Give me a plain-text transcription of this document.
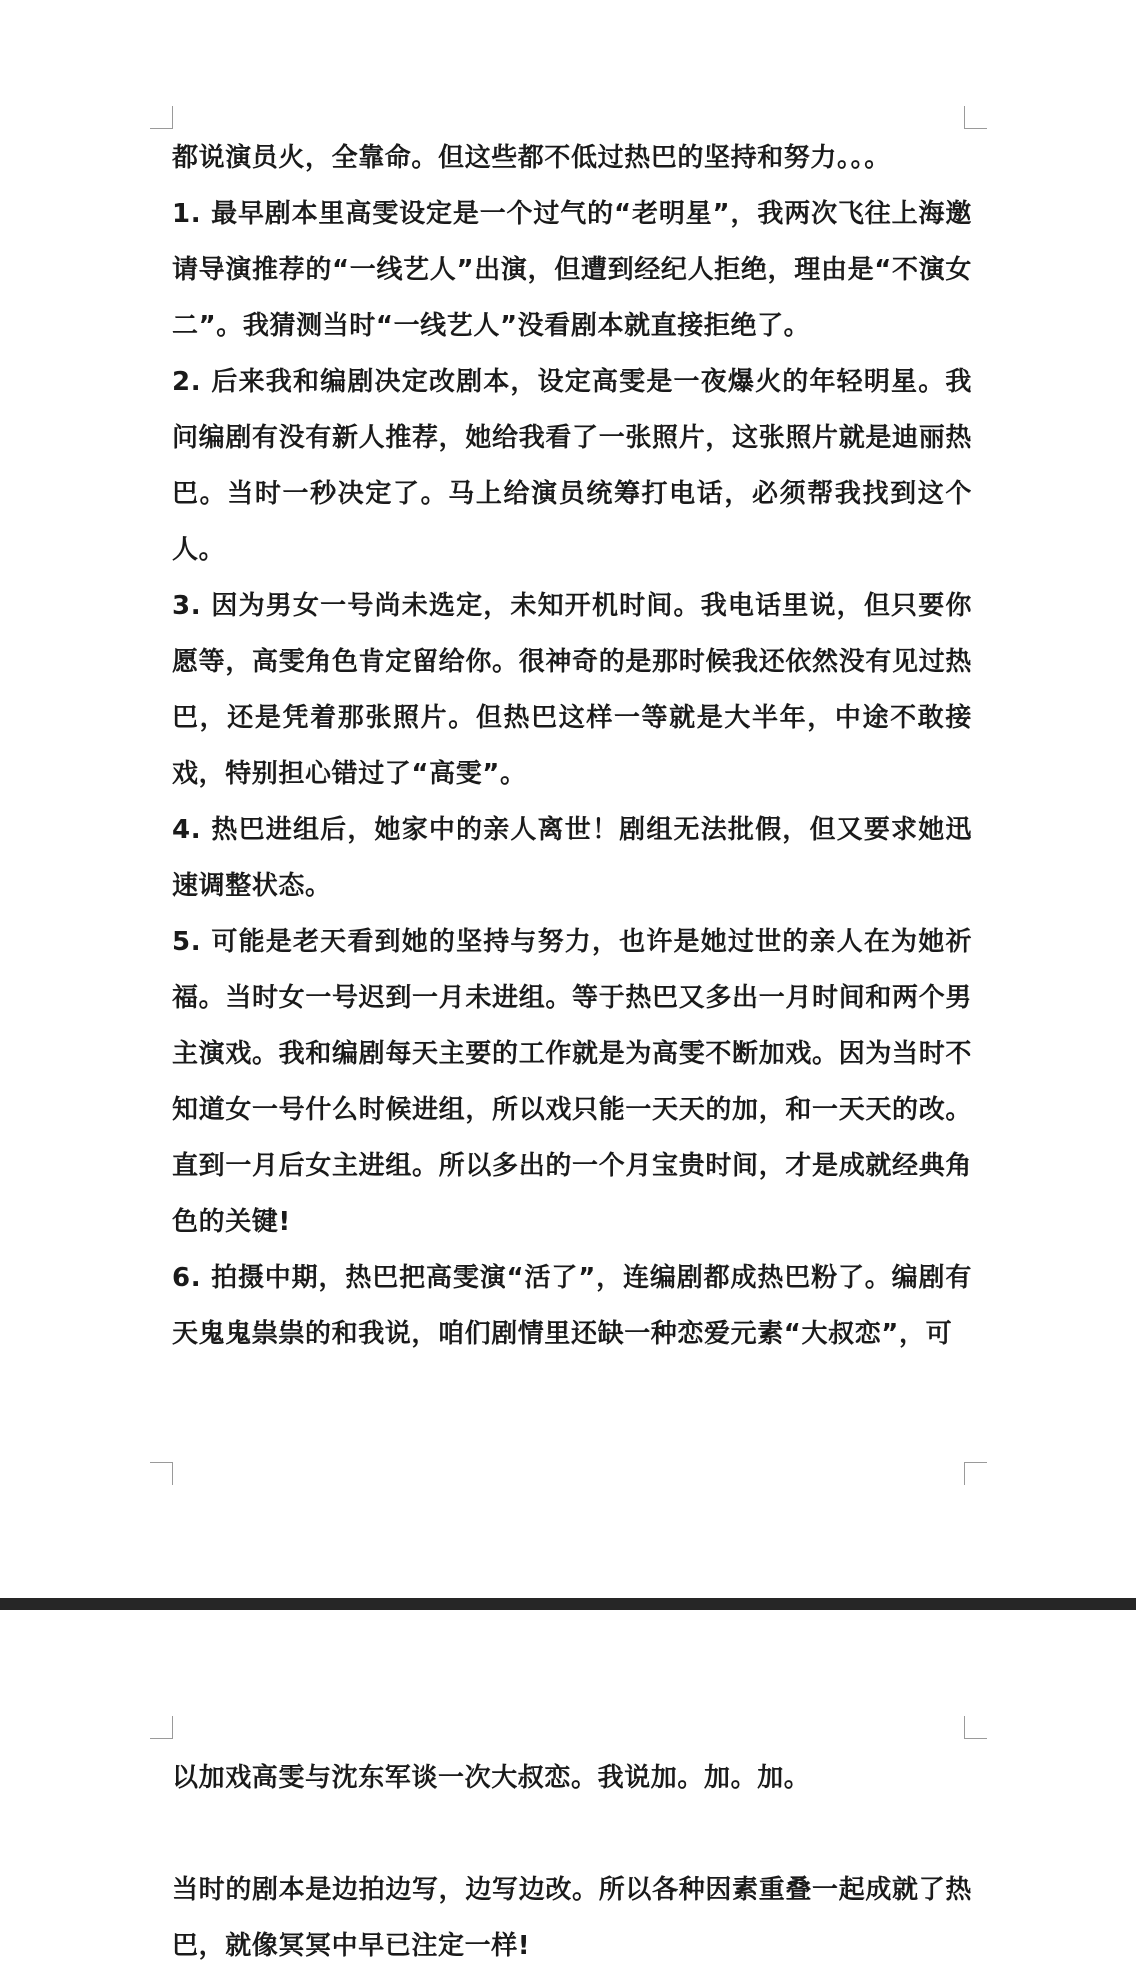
都说演员火，全靠命。但这些都不低过热巴的坚持和努力。。。

1. 最早剧本里高雯设定是一个过气的“老明星”，我两次飞往上海邀请导演推荐的“一线艺人”出演，但遭到经纪人拒绝，理由是“不演女二”。我猜测当时“一线艺人”没看剧本就直接拒绝了。

2. 后来我和编剧决定改剧本，设定高雯是一夜爆火的年轻明星。我问编剧有没有新人推荐，她给我看了一张照片，这张照片就是迪丽热巴。当时一秒决定了。马上给演员统筹打电话，必须帮我找到这个人。

3. 因为男女一号尚未选定，未知开机时间。我电话里说，但只要你愿等，高雯角色肯定留给你。很神奇的是那时候我还依然没有见过热巴，还是凭着那张照片。但热巴这样一等就是大半年，中途不敢接戏，特别担心错过了“高雯”。

4. 热巴进组后，她家中的亲人离世！剧组无法批假，但又要求她迅速调整状态。

5. 可能是老天看到她的坚持与努力，也许是她过世的亲人在为她祈福。当时女一号迟到一月未进组。等于热巴又多出一月时间和两个男主演戏。我和编剧每天主要的工作就是为高雯不断加戏。因为当时不知道女一号什么时候进组，所以戏只能一天天的加，和一天天的改。直到一月后女主进组。所以多出的一个月宝贵时间，才是成就经典角色的关键!

6. 拍摄中期，热巴把高雯演“活了”，连编剧都成热巴粉了。编剧有天鬼鬼祟祟的和我说，咱们剧情里还缺一种恋爱元素“大叔恋”，可

以加戏高雯与沈东军谈一次大叔恋。我说加。加。加。

当时的剧本是边拍边写，边写边改。所以各种因素重叠一起成就了热巴，就像冥冥中早已注定一样!
